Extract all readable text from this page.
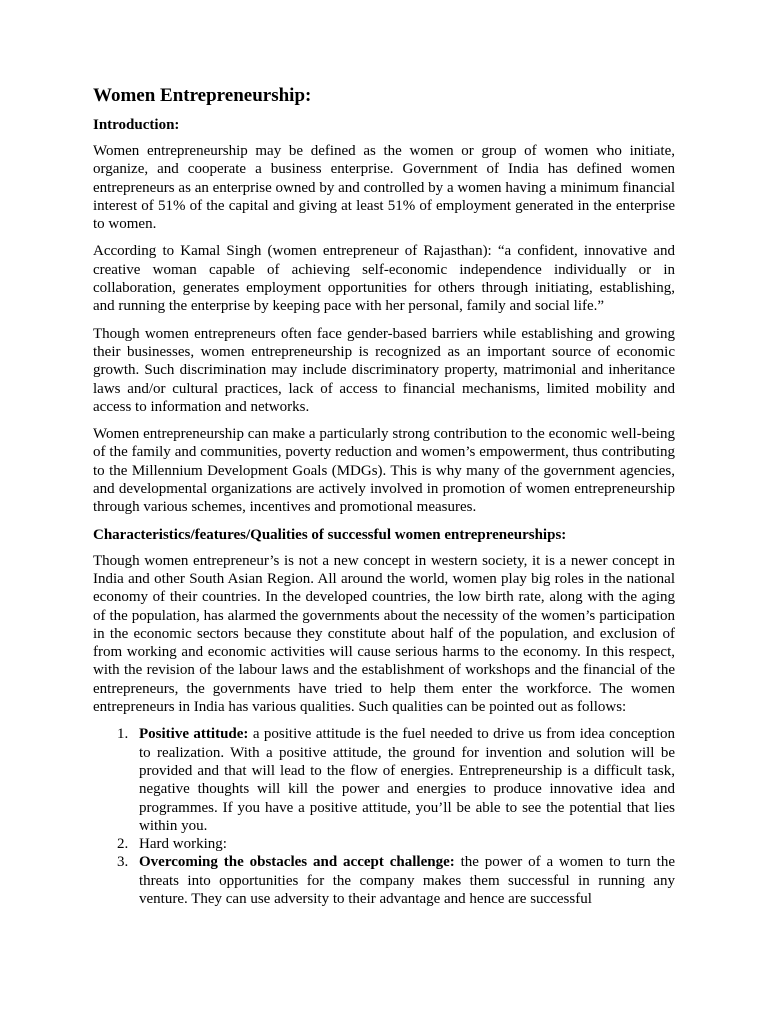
Women Entrepreneurship:
Introduction:

Women entrepreneurship may be defined as the women or group of women who initiate, organize, and cooperate a business enterprise. Government of India has defined women entrepreneurs as an enterprise owned by and controlled by a women having a minimum financial interest of 51% of the capital and giving at least 51% of employment generated in the enterprise to women.

According to Kamal Singh (women entrepreneur of Rajasthan): “a confident, innovative and creative woman capable of achieving self-economic independence individually or in collaboration, generates employment opportunities for others through initiating, establishing, and running the enterprise by keeping pace with her personal, family and social life.”

Though women entrepreneurs often face gender-based barriers while establishing and growing their businesses, women entrepreneurship is recognized as an important source of economic growth. Such discrimination may include discriminatory property, matrimonial and inheritance laws and/or cultural practices, lack of access to financial mechanisms, limited mobility and access to information and networks.

Women entrepreneurship can make a particularly strong contribution to the economic well-being of the family and communities, poverty reduction and women’s empowerment, thus contributing to the Millennium Development Goals (MDGs). This is why many of the government agencies, and developmental organizations are actively involved in promotion of women entrepreneurship through various schemes, incentives and promotional measures.

Characteristics/features/Qualities of successful women entrepreneurships:

Though women entrepreneur’s is not a new concept in western society, it is a newer concept in India and other South Asian Region. All around the world, women play big roles in the national economy of their countries. In the developed countries, the low birth rate, along with the aging of the population, has alarmed the governments about the necessity of the women’s participation in the economic sectors because they constitute about half of the population, and exclusion of from working and economic activities will cause serious harms to the economy. In this respect, with the revision of the labour laws and the establishment of workshops and the financial of the entrepreneurs, the governments have tried to help them enter the workforce. The women entrepreneurs in India has various qualities. Such qualities can be pointed out as follows:

1. Positive attitude: a positive attitude is the fuel needed to drive us from idea conception to realization. With a positive attitude, the ground for invention and solution will be provided and that will lead to the flow of energies. Entrepreneurship is a difficult task, negative thoughts will kill the power and energies to produce innovative idea and programmes. If you have a positive attitude, you’ll be able to see the potential that lies within you.
2. Hard working:
3. Overcoming the obstacles and accept challenge: the power of a women to turn the threats into opportunities for the company makes them successful in running any venture. They can use adversity to their advantage and hence are successful
